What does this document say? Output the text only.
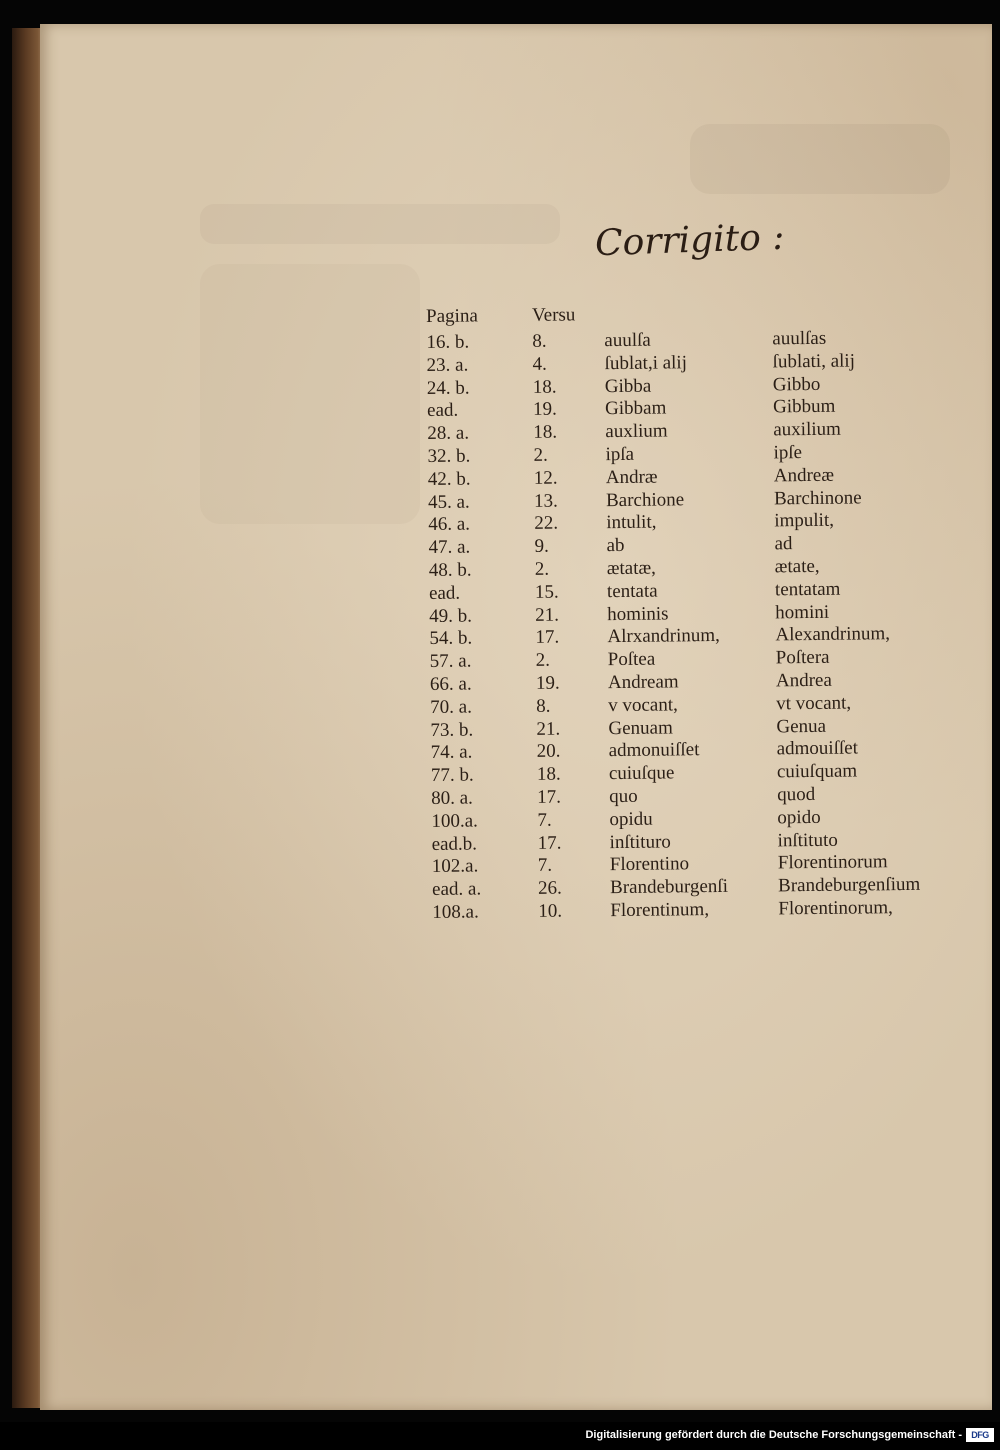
Corrigito :
Pagina	Versu
16. b.	8.	auulſa	auulſas
23. a.	4.	ſublat,i alij	ſublati, alij
24. b.	18.	Gibba	Gibbo
ead.	19.	Gibbam	Gibbum
28. a.	18.	auxlium	auxilium
32. b.	2.	ipſa	ipſe
42. b.	12.	Andræ	Andreæ
45. a.	13.	Barchione	Barchinone
46. a.	22.	intulit,	impulit,
47. a.	9.	ab	ad
48. b.	2.	ætatæ,	ætate,
ead.	15.	tentata	tentatam
49. b.	21.	hominis	homini
54. b.	17.	Alrxandrinum,	Alexandrinum,
57. a.	2.	Poſtea	Poſtera
66. a.	19.	Andream	Andrea
70. a.	8.	v vocant,	vt vocant,
73. b.	21.	Genuam	Genua
74. a.	20.	admonuiſſet	admouiſſet
77. b.	18.	cuiuſque	cuiuſquam
80. a.	17.	quo	quod
100.a.	7.	opidu	opido
ead.b.	17.	inſtituro	inſtituto
102.a.	7.	Florentino	Florentinorum
ead. a.	26.	Brandeburgenſi	Brandeburgenſium
108.a.	10.	Florentinum,	Florentinorum,
Digitalisierung gefördert durch die Deutsche Forschungsgemeinschaft -	DFG
